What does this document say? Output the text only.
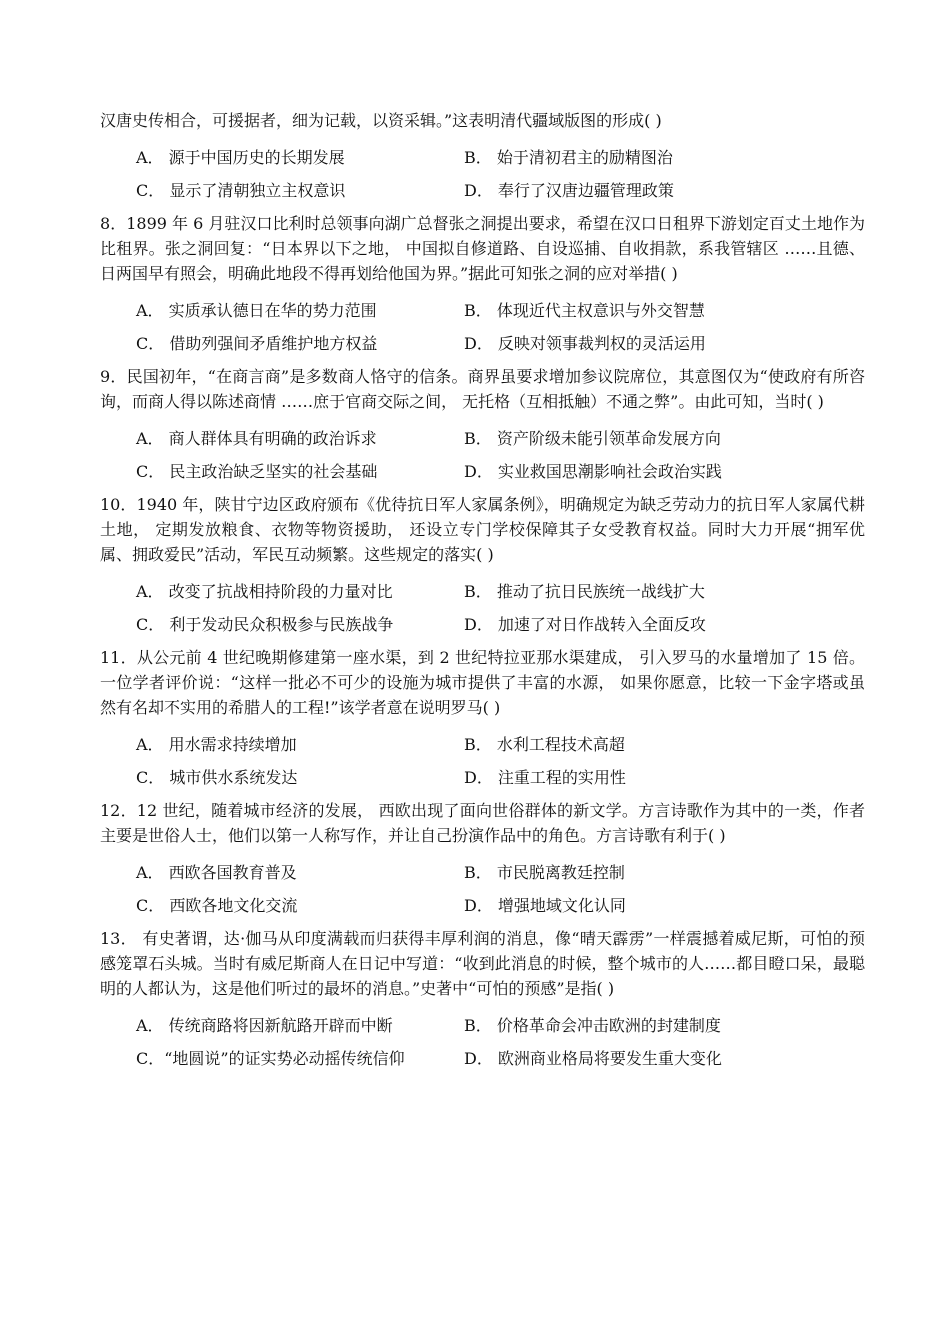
汉唐史传相合，可援据者，细为记载，以资采辑。”这表明清代疆域版图的形成( )

A． 源于中国历史的长期发展	B． 始于清初君主的励精图治
C． 显示了清朝独立主权意识	D． 奉行了汉唐边疆管理政策

8．1899 年 6 月驻汉口比利时总领事向湖广总督张之洞提出要求，希望在汉口日租界下游划定百丈土地作为比租界。张之洞回复：“日本界以下之地， 中国拟自修道路、自设巡捕、自收捐款，系我管辖区 ……且德、日两国早有照会，明确此地段不得再划给他国为界。”据此可知张之洞的应对举措( )

A． 实质承认德日在华的势力范围	B． 体现近代主权意识与外交智慧
C． 借助列强间矛盾维护地方权益	D． 反映对领事裁判权的灵活运用

9．民国初年，“在商言商”是多数商人恪守的信条。商界虽要求增加参议院席位，其意图仅为“使政府有所咨询，而商人得以陈述商情 ……庶于官商交际之间， 无托格（互相抵触）不通之弊”。由此可知，当时( )

A． 商人群体具有明确的政治诉求	B． 资产阶级未能引领革命发展方向
C． 民主政治缺乏坚实的社会基础	D． 实业救国思潮影响社会政治实践

10．1940 年，陕甘宁边区政府颁布《优待抗日军人家属条例》，明确规定为缺乏劳动力的抗日军人家属代耕土地， 定期发放粮食、衣物等物资援助， 还设立专门学校保障其子女受教育权益。同时大力开展“拥军优属、拥政爱民”活动，军民互动频繁。这些规定的落实( )

A． 改变了抗战相持阶段的力量对比	B． 推动了抗日民族统一战线扩大
C． 利于发动民众积极参与民族战争	D． 加速了对日作战转入全面反攻

11．从公元前 4 世纪晚期修建第一座水渠，到 2 世纪特拉亚那水渠建成， 引入罗马的水量增加了 15 倍。一位学者评价说：“这样一批必不可少的设施为城市提供了丰富的水源， 如果你愿意，比较一下金字塔或虽然有名却不实用的希腊人的工程!”该学者意在说明罗马( )

A． 用水需求持续增加	B． 水利工程技术高超
C． 城市供水系统发达	D． 注重工程的实用性

12．12 世纪，随着城市经济的发展， 西欧出现了面向世俗群体的新文学。方言诗歌作为其中的一类，作者主要是世俗人士，他们以第一人称写作，并让自己扮演作品中的角色。方言诗歌有利于( )

A． 西欧各国教育普及	B． 市民脱离教廷控制
C． 西欧各地文化交流	D． 增强地域文化认同

13． 有史著谓，达·伽马从印度满载而归获得丰厚利润的消息，像“晴天霹雳”一样震撼着威尼斯，可怕的预感笼罩石头城。当时有威尼斯商人在日记中写道：“收到此消息的时候，整个城市的人……都目瞪口呆，最聪明的人都认为，这是他们听过的最坏的消息。”史著中“可怕的预感”是指( )

A． 传统商路将因新航路开辟而中断	B． 价格革命会冲击欧洲的封建制度
C．“地圆说”的证实势必动摇传统信仰	D． 欧洲商业格局将要发生重大变化
